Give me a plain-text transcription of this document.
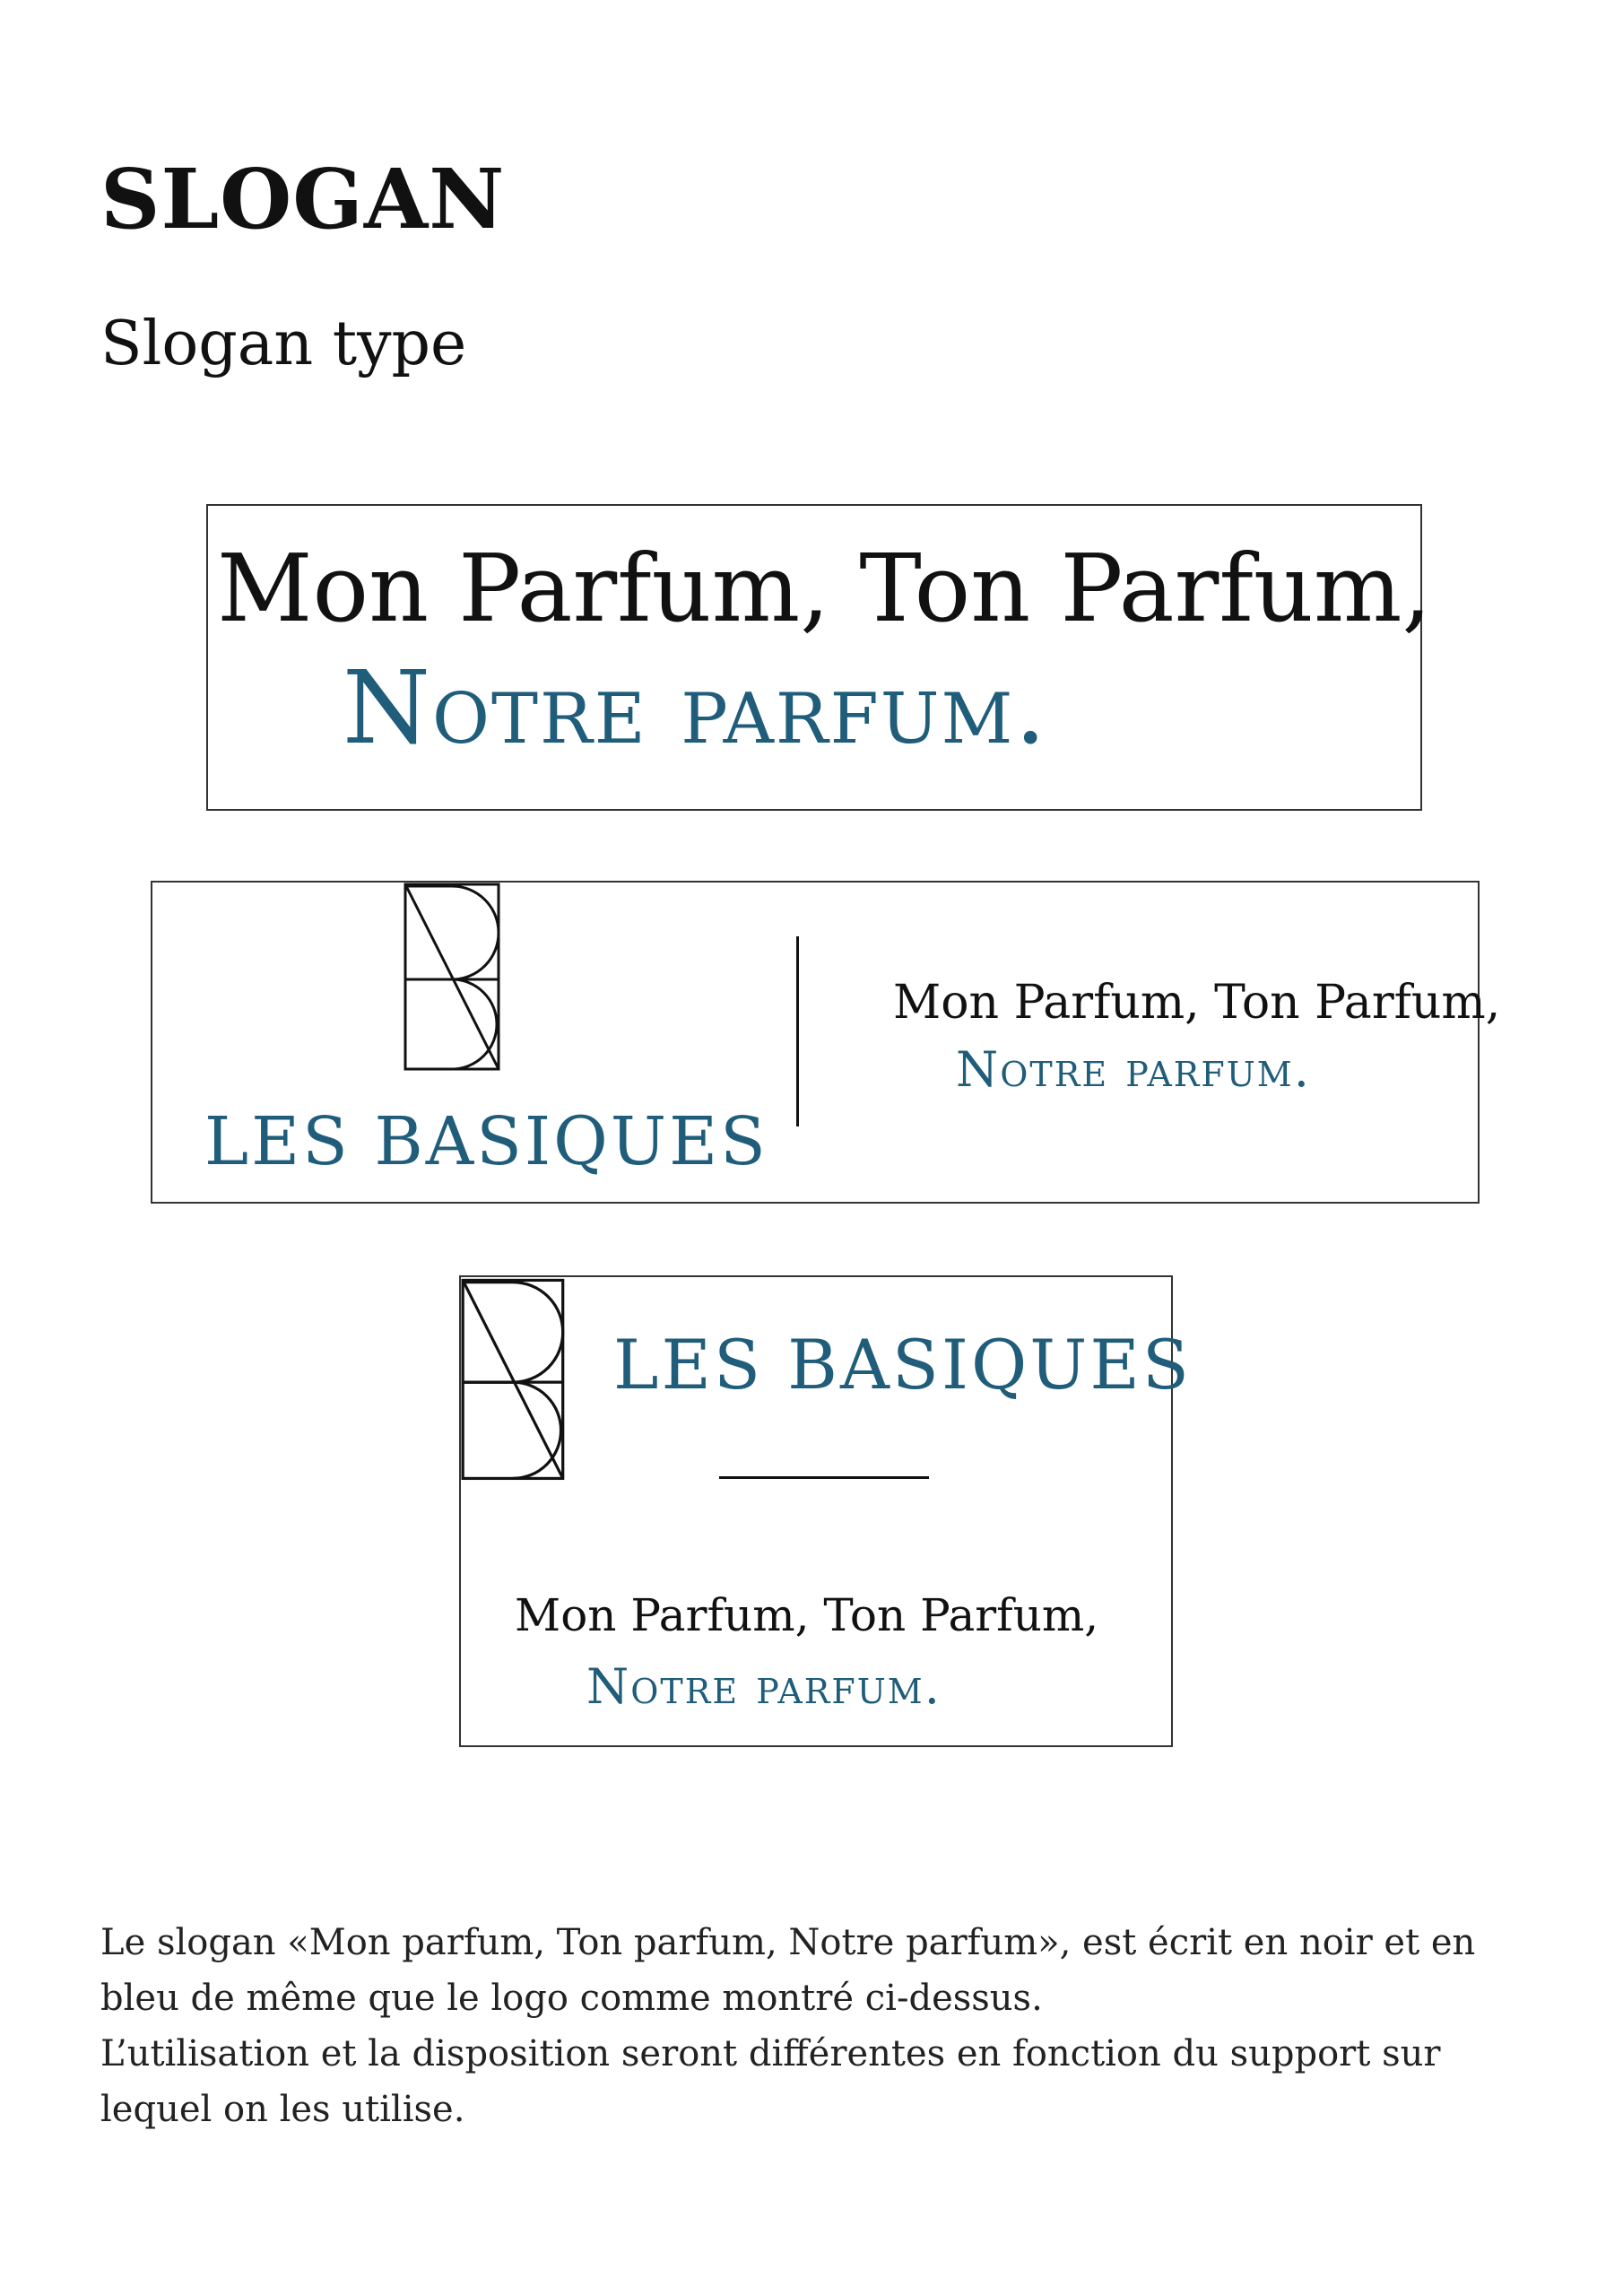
SLOGAN
Slogan type
Mon Parfum, Ton Parfum,
Notre parfum.
LES BASIQUES
Mon Parfum, Ton Parfum,
Notre parfum.
LES BASIQUES
Mon Parfum, Ton Parfum,
Notre parfum.

Le slogan «Mon parfum, Ton parfum, Notre parfum», est écrit en noir et en bleu de même que le logo comme montré ci-dessus.

L’utilisation et la disposition seront différentes en fonction du support sur lequel on les utilise.
